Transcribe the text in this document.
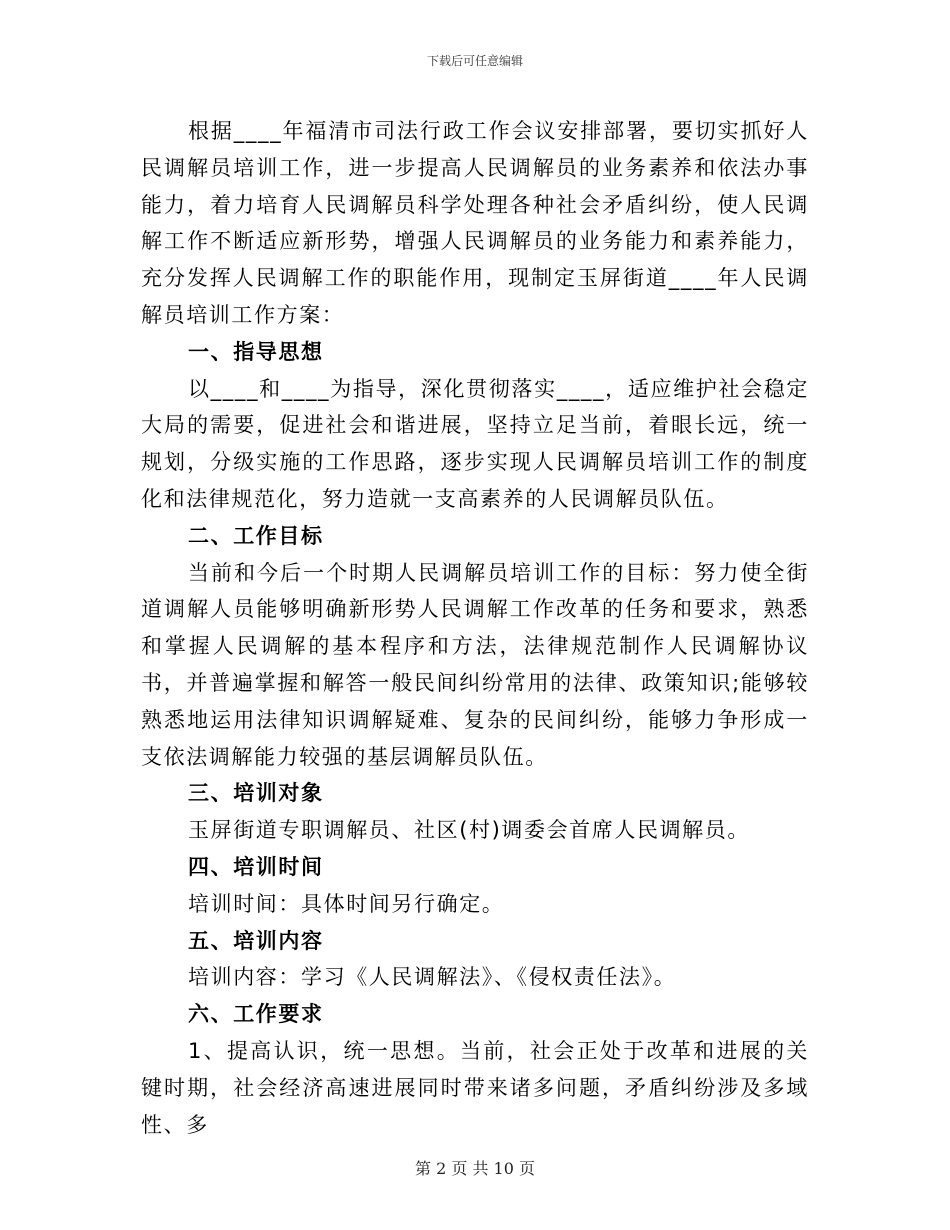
下载后可任意编辑

根据____年福清市司法行政工作会议安排部署，要切实抓好人民调解员培训工作，进一步提高人民调解员的业务素养和依法办事能力，着力培育人民调解员科学处理各种社会矛盾纠纷，使人民调解工作不断适应新形势，增强人民调解员的业务能力和素养能力，充分发挥人民调解工作的职能作用，现制定玉屏街道____年人民调解员培训工作方案：

一、指导思想

以____和____为指导，深化贯彻落实____，适应维护社会稳定大局的需要，促进社会和谐进展，坚持立足当前，着眼长远，统一规划，分级实施的工作思路，逐步实现人民调解员培训工作的制度化和法律规范化，努力造就一支高素养的人民调解员队伍。

二、工作目标

当前和今后一个时期人民调解员培训工作的目标：努力使全街道调解人员能够明确新形势人民调解工作改革的任务和要求，熟悉和掌握人民调解的基本程序和方法，法律规范制作人民调解协议书，并普遍掌握和解答一般民间纠纷常用的法律、政策知识;能够较熟悉地运用法律知识调解疑难、复杂的民间纠纷，能够力争形成一支依法调解能力较强的基层调解员队伍。

三、培训对象

玉屏街道专职调解员、社区(村)调委会首席人民调解员。

四、培训时间

培训时间：具体时间另行确定。

五、培训内容

培训内容：学习《人民调解法》、《侵权责任法》。

六、工作要求

1、提高认识，统一思想。当前，社会正处于改革和进展的关键时期，社会经济高速进展同时带来诸多问题，矛盾纠纷涉及多域性、多

第 2 页 共 10 页
